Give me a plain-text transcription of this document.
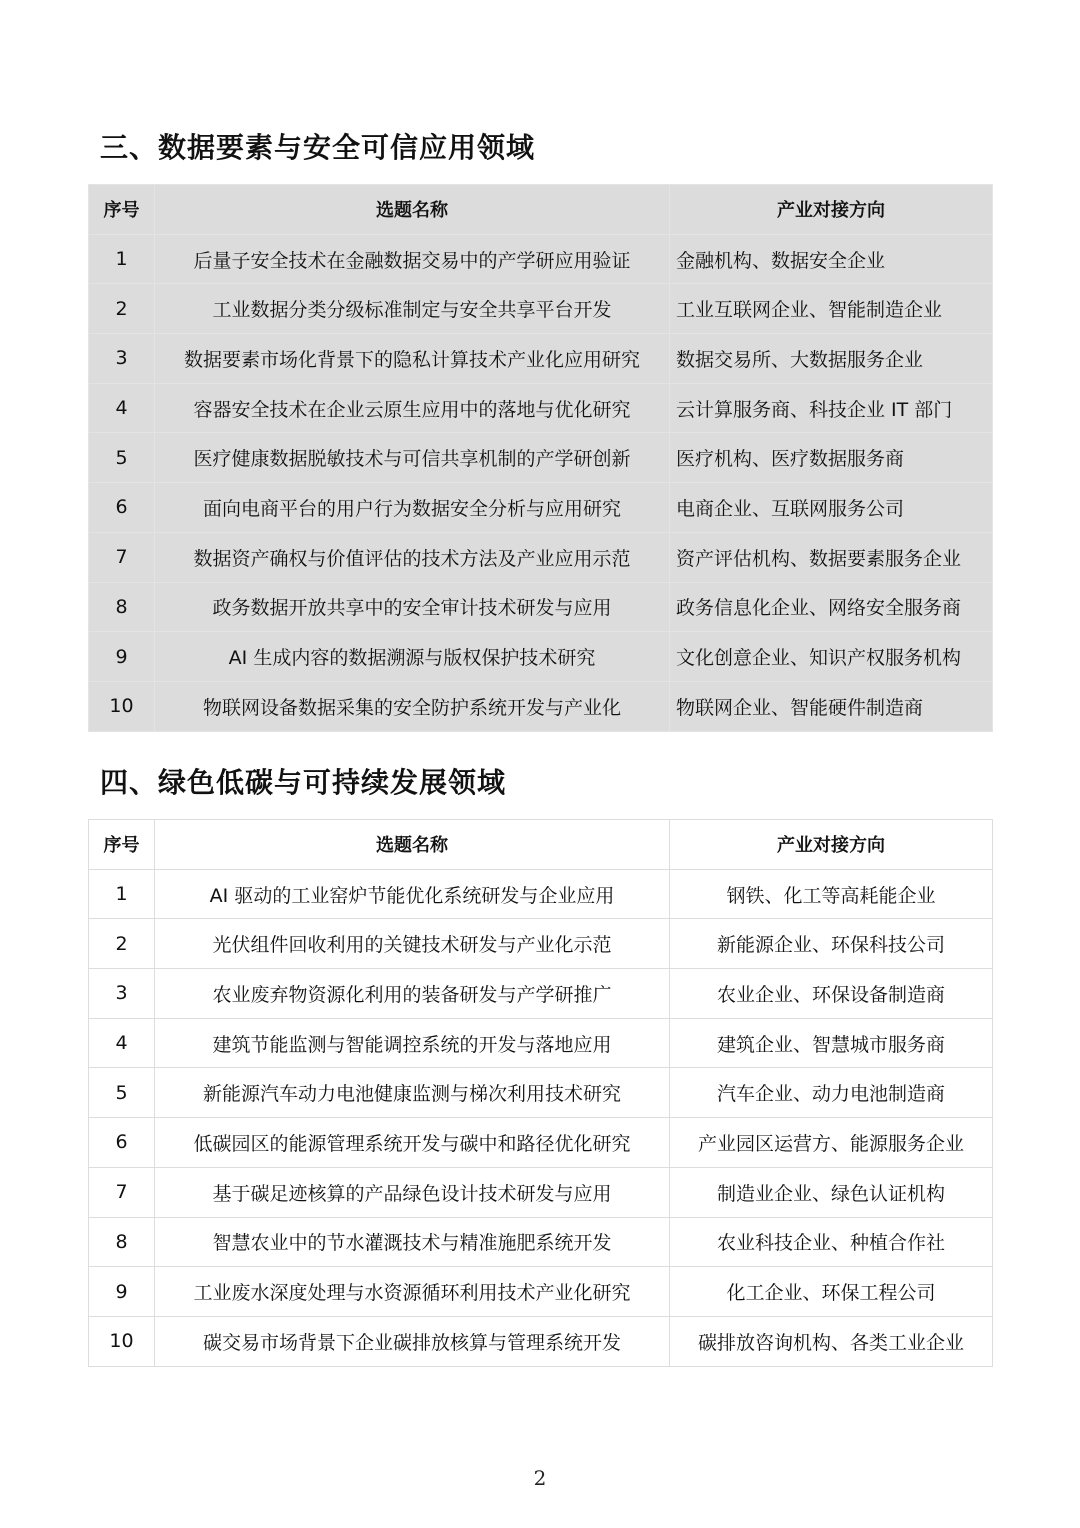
三、数据要素与安全可信应用领域
序号	选题名称	产业对接方向
1	后量子安全技术在金融数据交易中的产学研应用验证	金融机构、数据安全企业
2	工业数据分类分级标准制定与安全共享平台开发	工业互联网企业、智能制造企业
3	数据要素市场化背景下的隐私计算技术产业化应用研究	数据交易所、大数据服务企业
4	容器安全技术在企业云原生应用中的落地与优化研究	云计算服务商、科技企业 IT 部门
5	医疗健康数据脱敏技术与可信共享机制的产学研创新	医疗机构、医疗数据服务商
6	面向电商平台的用户行为数据安全分析与应用研究	电商企业、互联网服务公司
7	数据资产确权与价值评估的技术方法及产业应用示范	资产评估机构、数据要素服务企业
8	政务数据开放共享中的安全审计技术研发与应用	政务信息化企业、网络安全服务商
9	AI 生成内容的数据溯源与版权保护技术研究	文化创意企业、知识产权服务机构
10	物联网设备数据采集的安全防护系统开发与产业化	物联网企业、智能硬件制造商
四、绿色低碳与可持续发展领域
序号	选题名称	产业对接方向
1	AI 驱动的工业窑炉节能优化系统研发与企业应用	钢铁、化工等高耗能企业
2	光伏组件回收利用的关键技术研发与产业化示范	新能源企业、环保科技公司
3	农业废弃物资源化利用的装备研发与产学研推广	农业企业、环保设备制造商
4	建筑节能监测与智能调控系统的开发与落地应用	建筑企业、智慧城市服务商
5	新能源汽车动力电池健康监测与梯次利用技术研究	汽车企业、动力电池制造商
6	低碳园区的能源管理系统开发与碳中和路径优化研究	产业园区运营方、能源服务企业
7	基于碳足迹核算的产品绿色设计技术研发与应用	制造业企业、绿色认证机构
8	智慧农业中的节水灌溉技术与精准施肥系统开发	农业科技企业、种植合作社
9	工业废水深度处理与水资源循环利用技术产业化研究	化工企业、环保工程公司
10	碳交易市场背景下企业碳排放核算与管理系统开发	碳排放咨询机构、各类工业企业
2
